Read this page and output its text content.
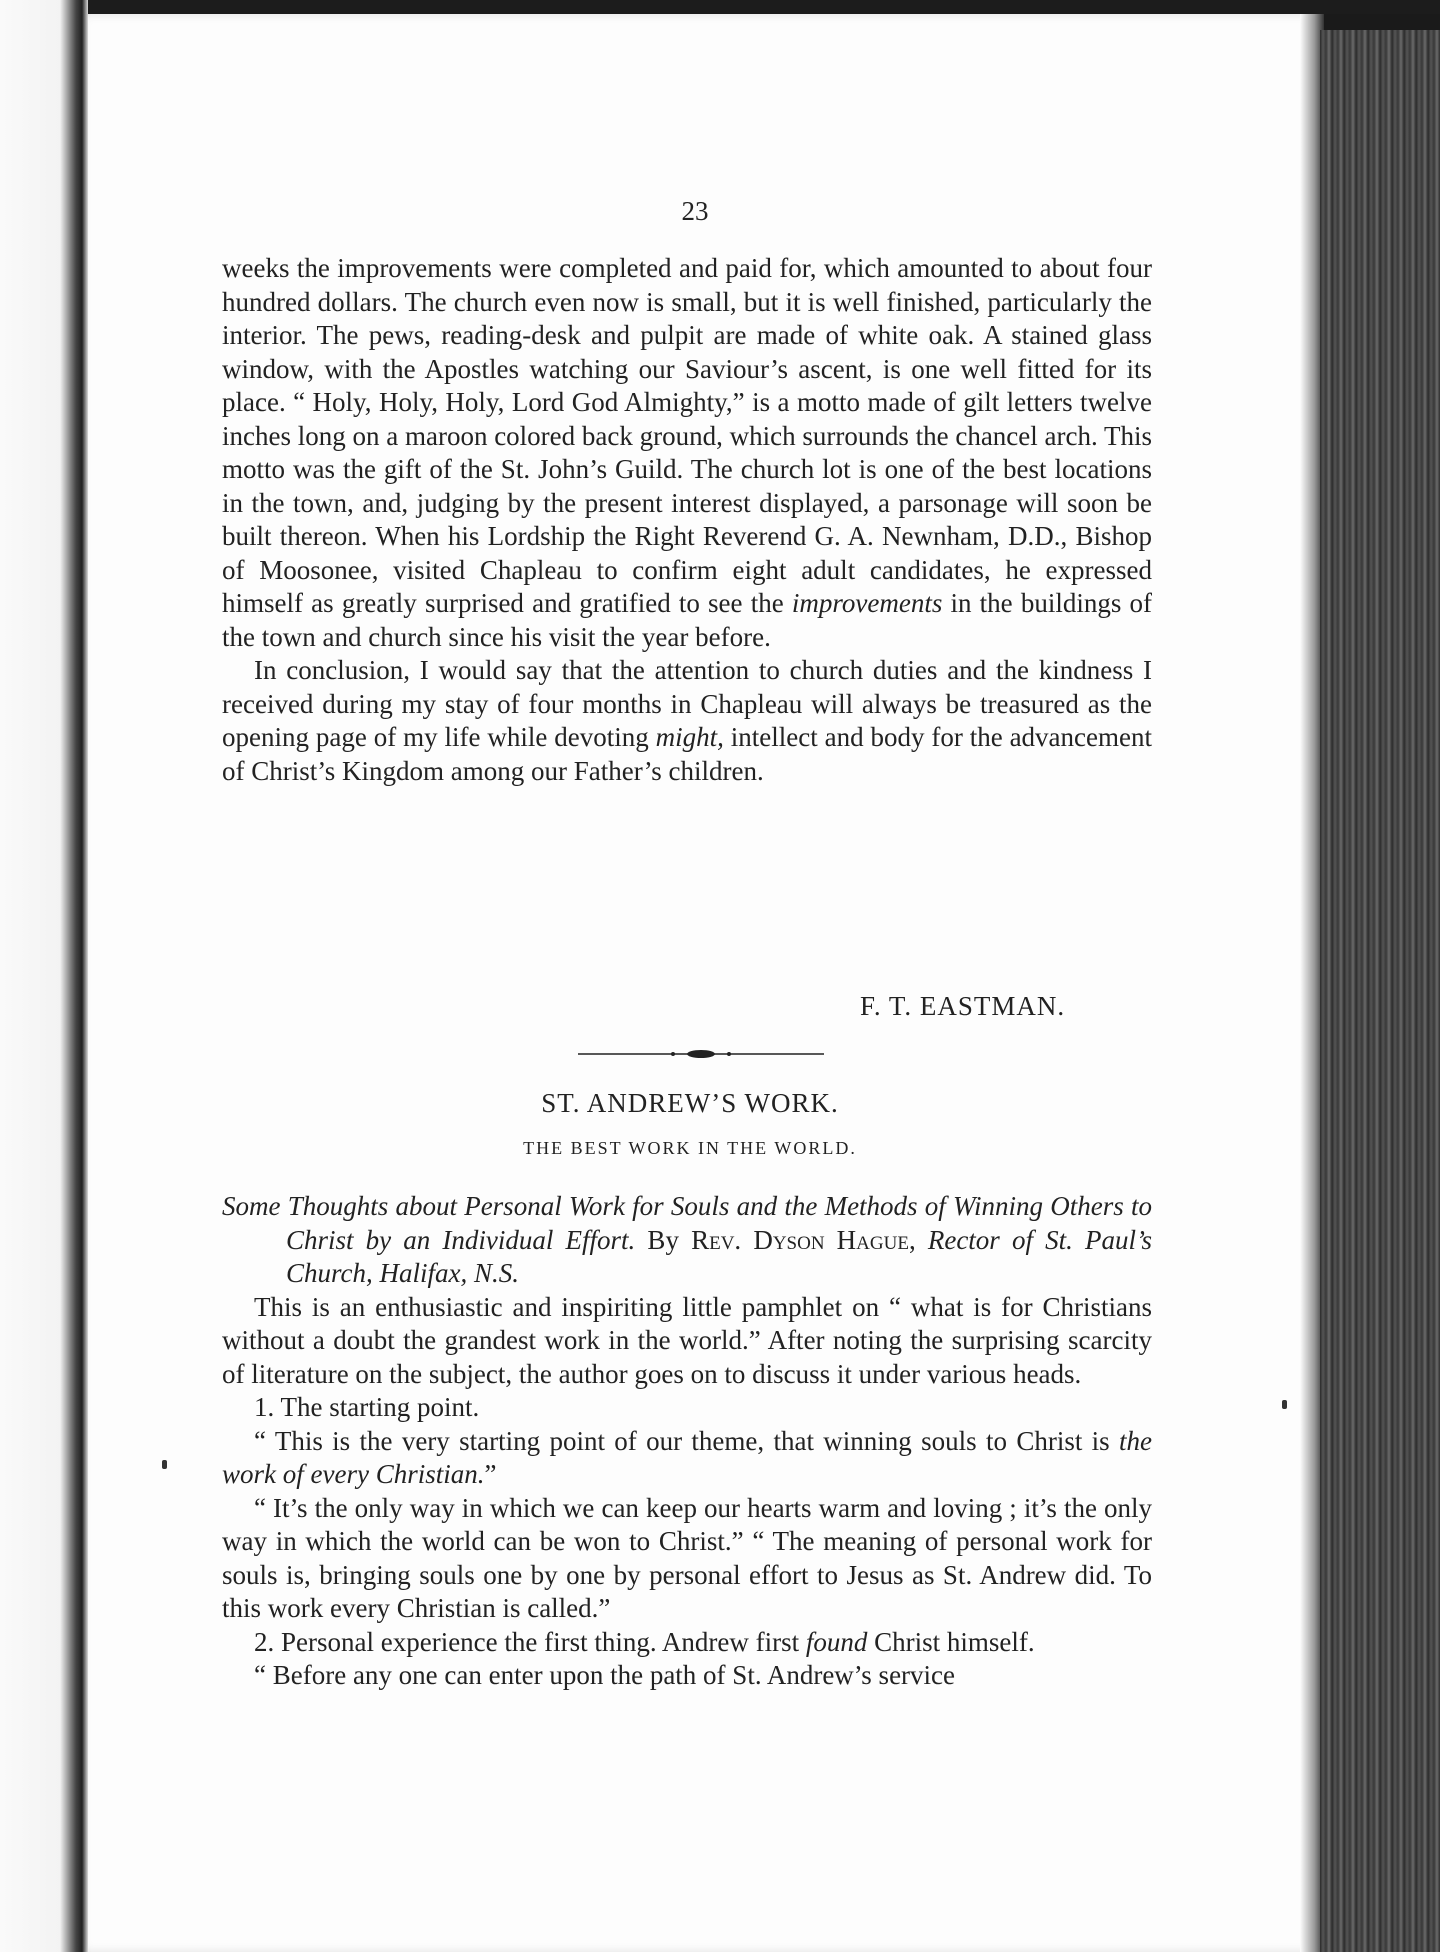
23

weeks the improvements were completed and paid for, which amounted to about four hundred dollars. The church even now is small, but it is well finished, particularly the interior. The pews, reading-desk and pulpit are made of white oak. A stained glass window, with the Apostles watching our Saviour’s ascent, is one well fitted for its place. “ Holy, Holy, Holy, Lord God Almighty,” is a motto made of gilt letters twelve inches long on a maroon colored back ground, which surrounds the chancel arch. This motto was the gift of the St. John’s Guild. The church lot is one of the best locations in the town, and, judging by the present interest displayed, a parsonage will soon be built thereon. When his Lordship the Right Reverend G. A. Newnham, D.D., Bishop of Moosonee, visited Chapleau to confirm eight adult candidates, he expressed himself as greatly surprised and gratified to see the improvements in the buildings of the town and church since his visit the year before.

In conclusion, I would say that the attention to church duties and the kindness I received during my stay of four months in Chapleau will always be treasured as the opening page of my life while devoting might, intellect and body for the advancement of Christ’s Kingdom among our Father’s children.

F. T. EASTMAN.
ST. ANDREW’S WORK.
THE BEST WORK IN THE WORLD.

Some Thoughts about Personal Work for Souls and the Methods of Winning Others to Christ by an Individual Effort. By Rev. Dyson Hague, Rector of St. Paul’s Church, Halifax, N.S.

This is an enthusiastic and inspiriting little pamphlet on “ what is for Christians without a doubt the grandest work in the world.” After noting the surprising scarcity of literature on the subject, the author goes on to discuss it under various heads.

1. The starting point.

“ This is the very starting point of our theme, that winning souls to Christ is the work of every Christian.”

“ It’s the only way in which we can keep our hearts warm and loving ; it’s the only way in which the world can be won to Christ.” “ The meaning of personal work for souls is, bringing souls one by one by personal effort to Jesus as St. Andrew did. To this work every Christian is called.”

2. Personal experience the first thing. Andrew first found Christ himself.

“ Before any one can enter upon the path of St. Andrew’s service
